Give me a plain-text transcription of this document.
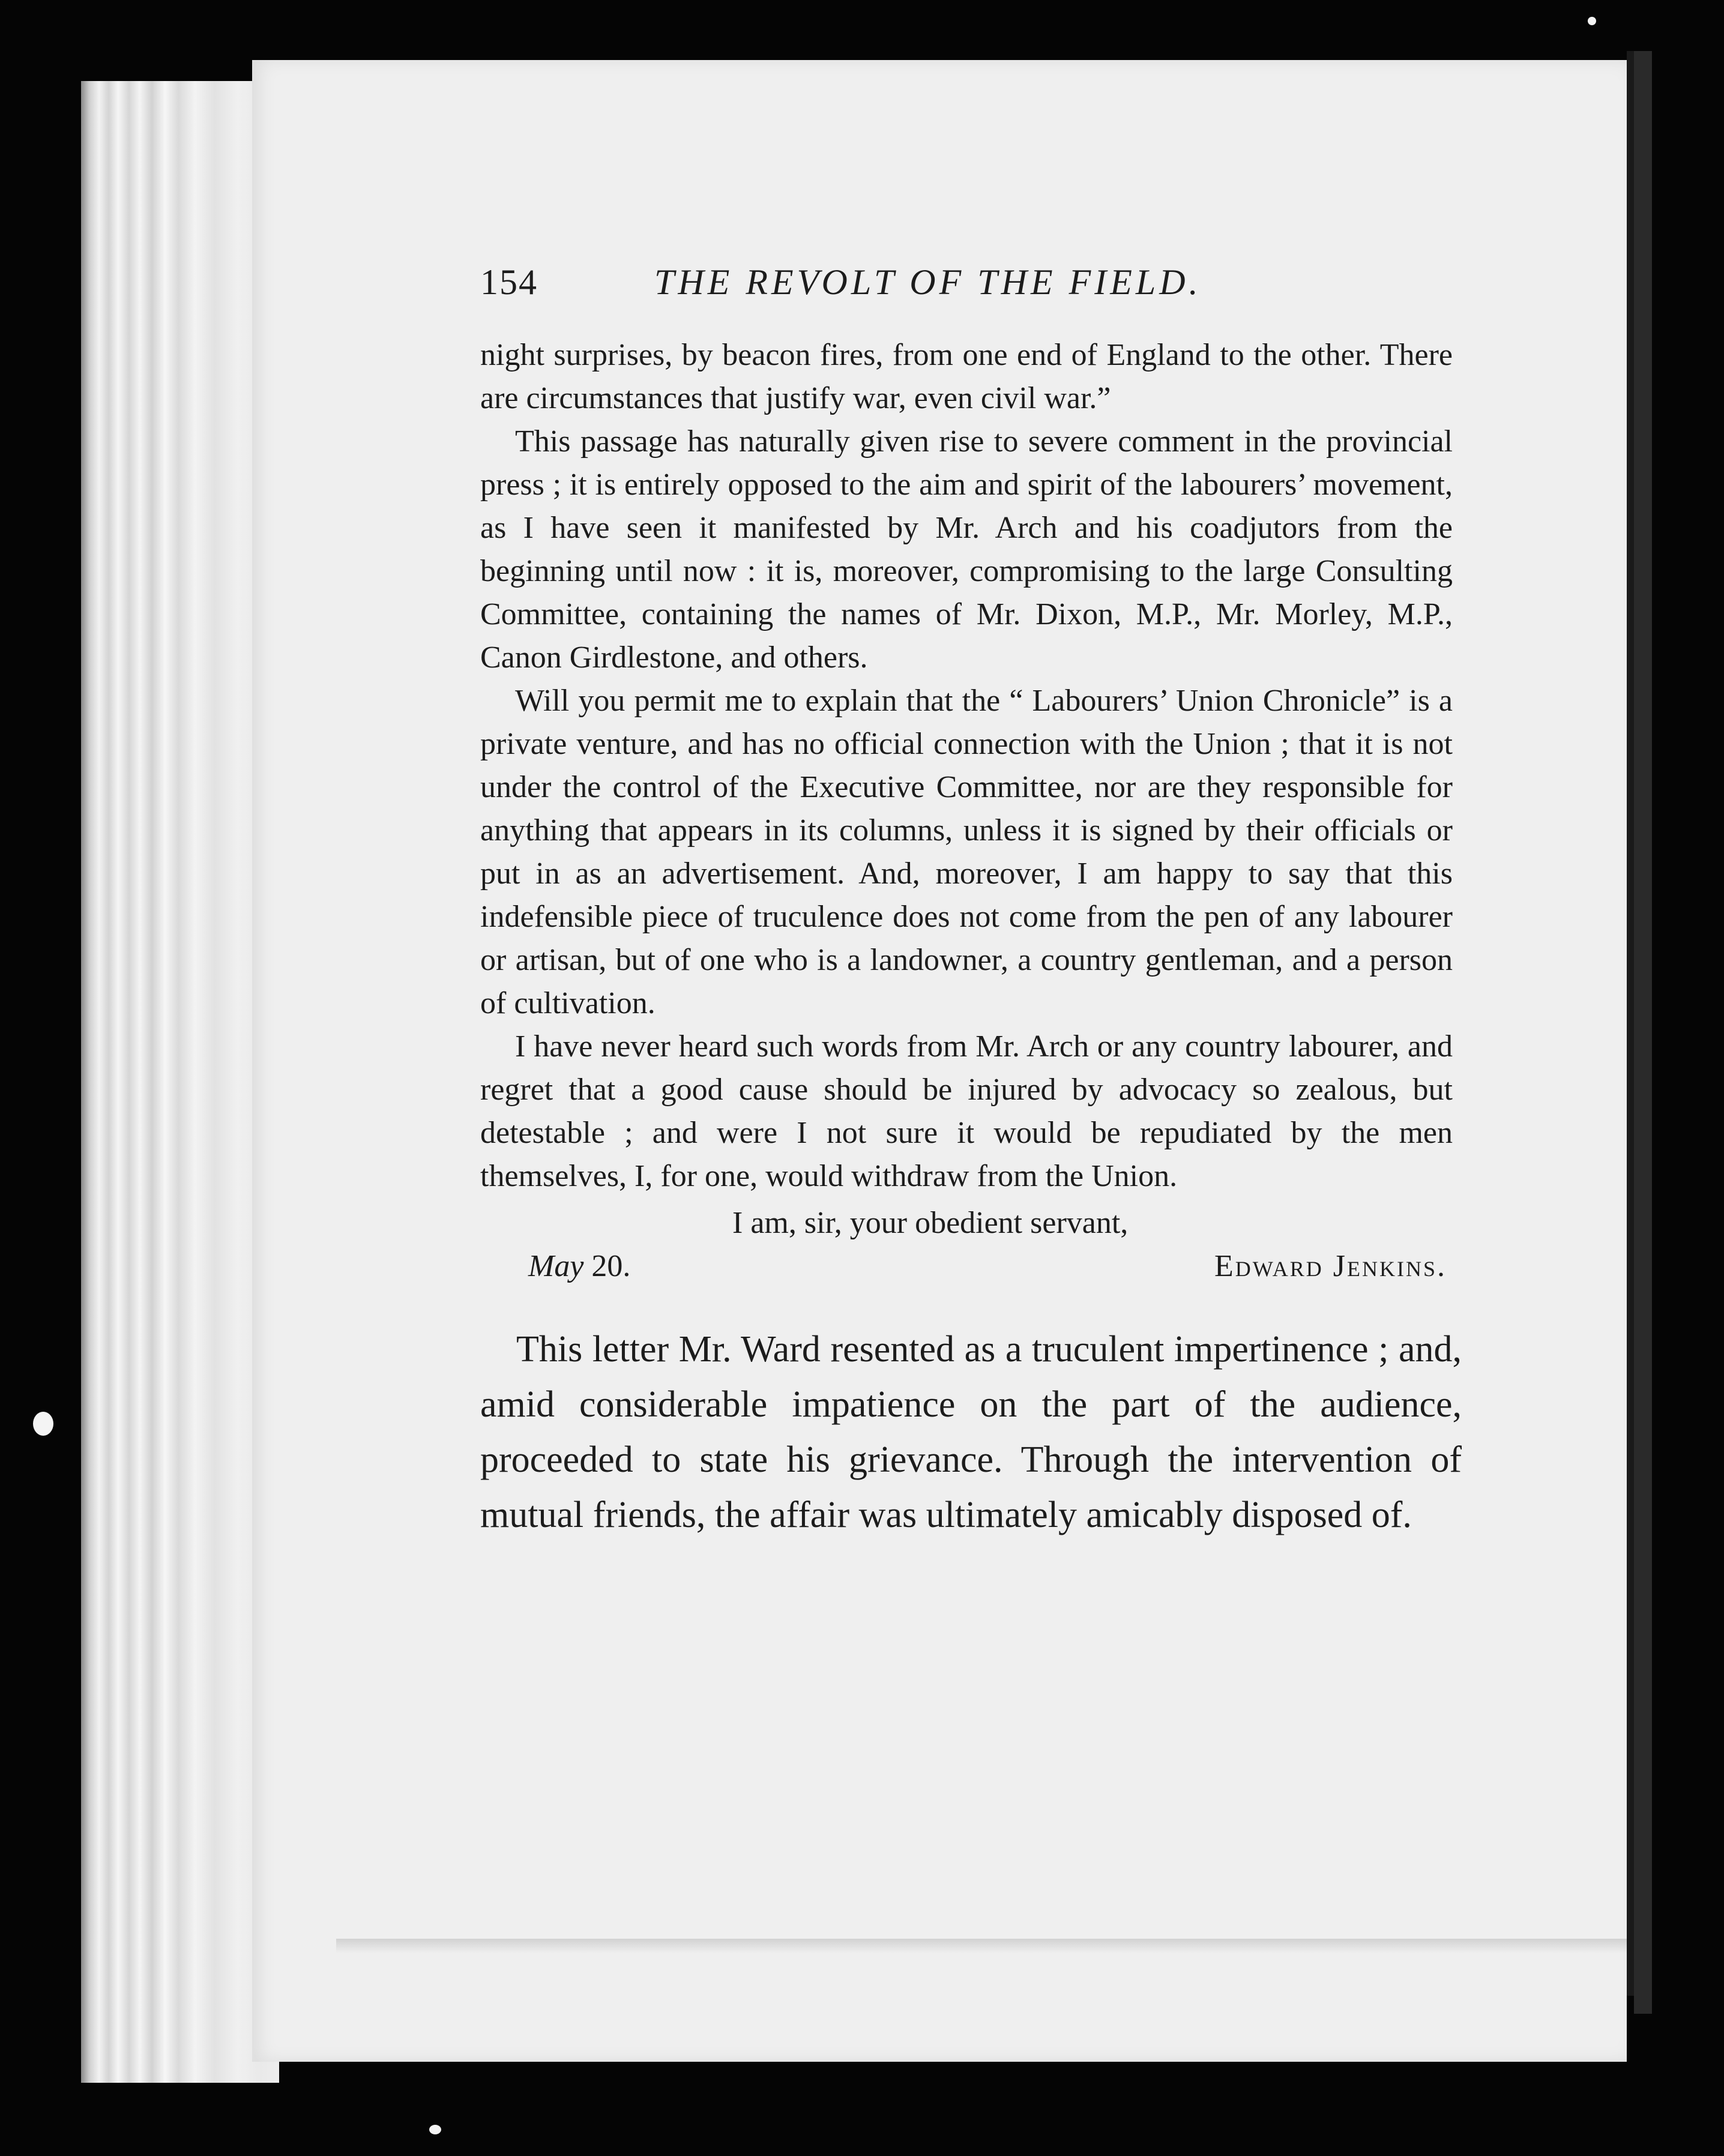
154	THE REVOLT OF THE FIELD.

night surprises, by beacon fires, from one end of England to the other. There are circumstances that justify war, even civil war.”

This passage has naturally given rise to severe comment in the provincial press ; it is entirely opposed to the aim and spirit of the labourers’ movement, as I have seen it manifested by Mr. Arch and his coadjutors from the beginning until now : it is, moreover, compromising to the large Consulting Committee, containing the names of Mr. Dixon, M.P., Mr. Morley, M.P., Canon Girdlestone, and others.

Will you permit me to explain that the “ Labourers’ Union Chronicle” is a private venture, and has no official connection with the Union ; that it is not under the control of the Executive Committee, nor are they responsible for anything that appears in its columns, unless it is signed by their officials or put in as an advertisement. And, moreover, I am happy to say that this indefensible piece of truculence does not come from the pen of any labourer or artisan, but of one who is a landowner, a country gentleman, and a person of cultivation.

I have never heard such words from Mr. Arch or any country labourer, and regret that a good cause should be injured by advocacy so zealous, but detestable ; and were I not sure it would be repudiated by the men themselves, I, for one, would withdraw from the Union.

I am, sir, your obedient servant,
May 20.	Edward Jenkins.

This letter Mr. Ward resented as a truculent impertinence ; and, amid considerable impatience on the part of the audience, proceeded to state his grievance. Through the intervention of mutual friends, the affair was ultimately amicably disposed of.
